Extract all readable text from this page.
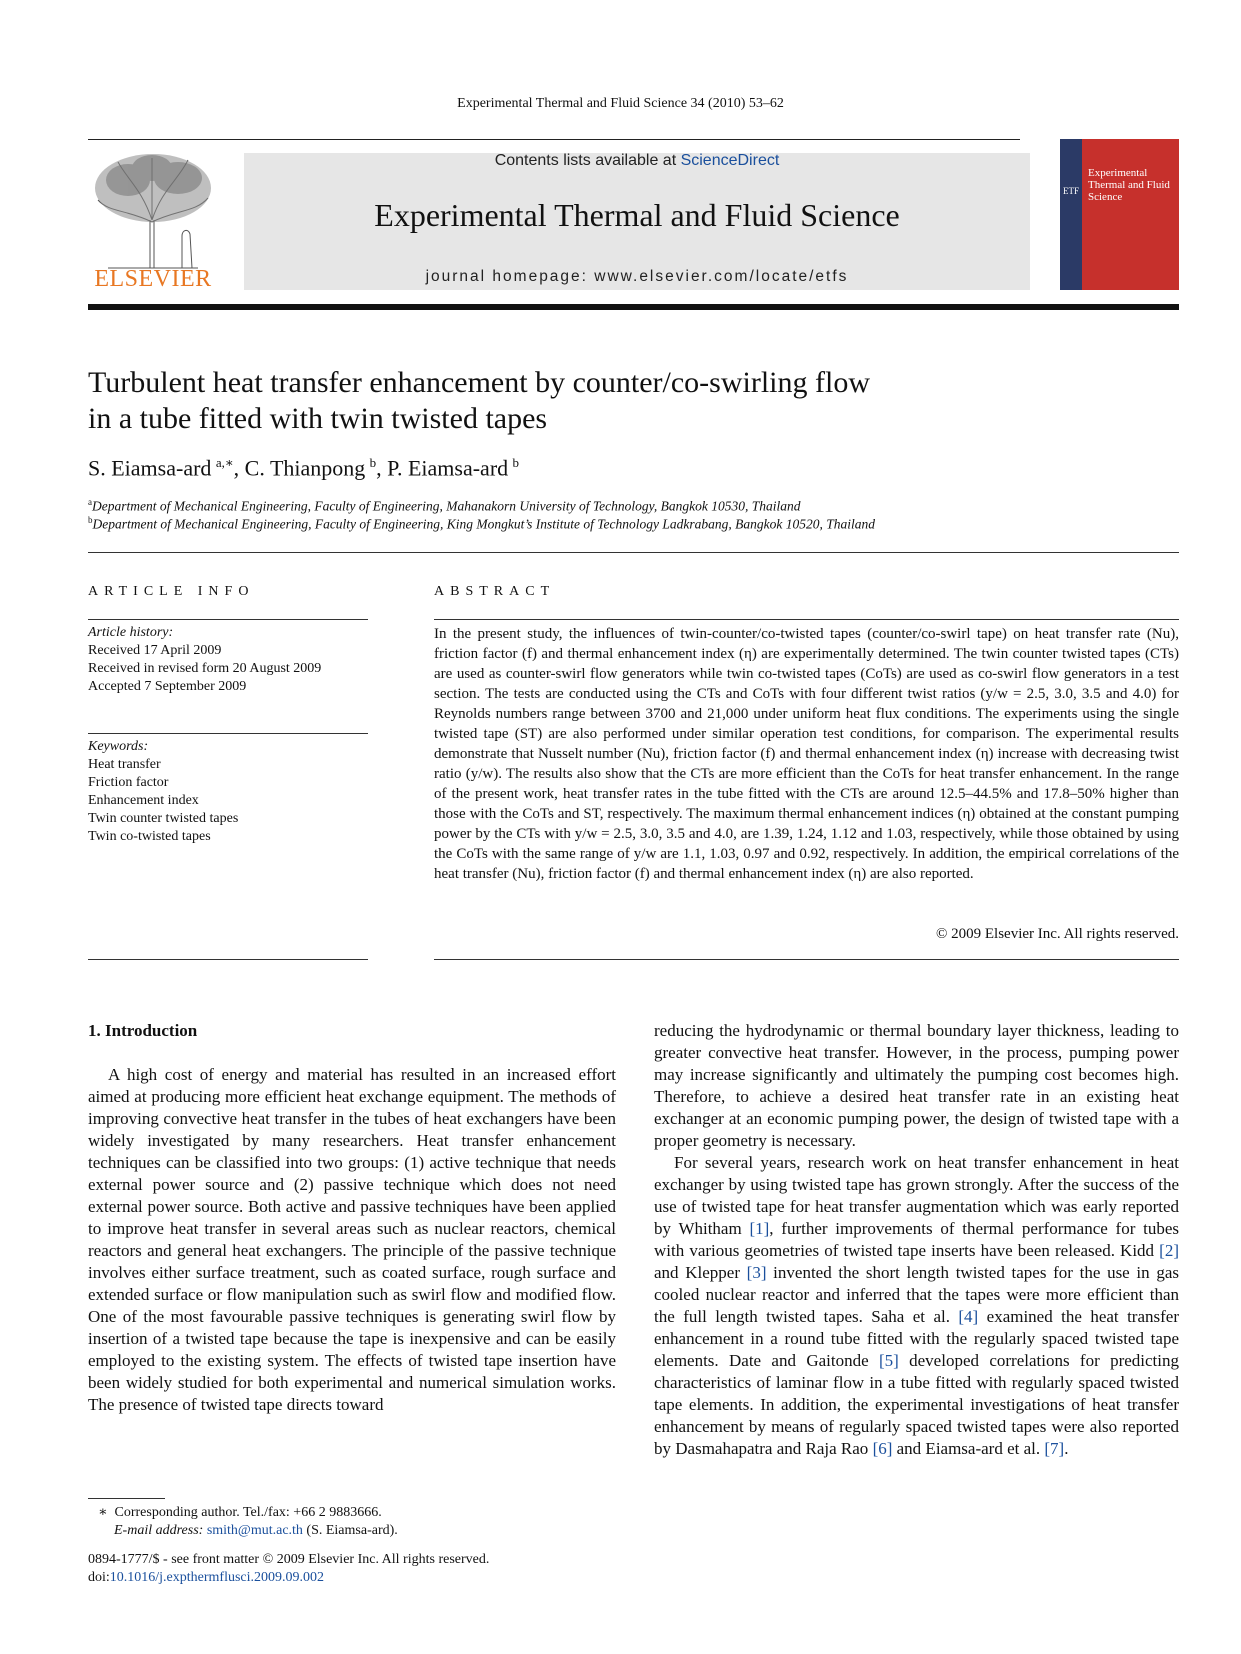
Experimental Thermal and Fluid Science 34 (2010) 53–62
ELSEVIER
Contents lists available at ScienceDirect
Experimental Thermal and Fluid Science
journal homepage: www.elsevier.com/locate/etfs
ETF
Experimental Thermal and Fluid Science
Turbulent heat transfer enhancement by counter/co-swirling flow
in a tube fitted with twin twisted tapes
S. Eiamsa-ard  $^{a,∗}$, C. Thianpong  $^b$, P. Eiamsa-ard  $^b$
$^a$Department of Mechanical Engineering, Faculty of Engineering, Mahanakorn University of Technology, Bangkok 10530, Thailand
$^b$Department of Mechanical Engineering, Faculty of Engineering, King Mongkut’s Institute of Technology Ladkrabang, Bangkok 10520, Thailand
ARTICLE INFO
Article history:
Received 17 April 2009
Received in revised form 20 August 2009
Accepted 7 September 2009
Keywords:
Heat transfer
Friction factor
Enhancement index
Twin counter twisted tapes
Twin co-twisted tapes
ABSTRACT
In the present study, the influences of twin-counter/co-twisted tapes (counter/co-swirl tape) on heat transfer rate (Nu), friction factor (f) and thermal enhancement index (η) are experimentally determined. The twin counter twisted tapes (CTs) are used as counter-swirl flow generators while twin co-twisted tapes (CoTs) are used as co-swirl flow generators in a test section. The tests are conducted using the CTs and CoTs with four different twist ratios (y/w = 2.5, 3.0, 3.5 and 4.0) for Reynolds numbers range between 3700 and 21,000 under uniform heat flux conditions. The experiments using the single twisted tape (ST) are also performed under similar operation test conditions, for comparison. The experimental results demonstrate that Nusselt number (Nu), friction factor (f) and thermal enhancement index (η) increase with decreasing twist ratio (y/w). The results also show that the CTs are more efficient than the CoTs for heat transfer enhancement. In the range of the present work, heat transfer rates in the tube fitted with the CTs are around 12.5–44.5% and 17.8–50% higher than those with the CoTs and ST, respectively. The maximum thermal enhancement indices (η) obtained at the constant pumping power by the CTs with y/w = 2.5, 3.0, 3.5 and 4.0, are 1.39, 1.24, 1.12 and 1.03, respectively, while those obtained by using the CoTs with the same range of y/w are 1.1, 1.03, 0.97 and 0.92, respectively. In addition, the empirical correlations of the heat transfer (Nu), friction factor (f) and thermal enhancement index (η) are also reported.
© 2009 Elsevier Inc. All rights reserved.
1. Introduction

A high cost of energy and material has resulted in an increased effort aimed at producing more efficient heat exchange equipment. The methods of improving convective heat transfer in the tubes of heat exchangers have been widely investigated by many researchers. Heat transfer enhancement techniques can be classified into two groups: (1) active technique that needs external power source and (2) passive technique which does not need external power source. Both active and passive techniques have been applied to improve heat transfer in several areas such as nuclear reactors, chemical reactors and general heat exchangers. The principle of the passive technique involves either surface treatment, such as coated surface, rough surface and extended surface or flow manipulation such as swirl flow and modified flow. One of the most favourable passive techniques is generating swirl flow by insertion of a twisted tape because the tape is inexpensive and can be easily employed to the existing system. The effects of twisted tape insertion have been widely studied for both experimental and numerical simulation works. The presence of twisted tape directs toward

reducing the hydrodynamic or thermal boundary layer thickness, leading to greater convective heat transfer. However, in the process, pumping power may increase significantly and ultimately the pumping cost becomes high. Therefore, to achieve a desired heat transfer rate in an existing heat exchanger at an economic pumping power, the design of twisted tape with a proper geometry is necessary.

For several years, research work on heat transfer enhancement in heat exchanger by using twisted tape has grown strongly. After the success of the use of twisted tape for heat transfer augmentation which was early reported by Whitham [1], further improvements of thermal performance for tubes with various geometries of twisted tape inserts have been released. Kidd [2] and Klepper [3] invented the short length twisted tapes for the use in gas cooled nuclear reactor and inferred that the tapes were more efficient than the full length twisted tapes. Saha et al. [4] examined the heat transfer enhancement in a round tube fitted with the regularly spaced twisted tape elements. Date and Gaitonde [5] developed correlations for predicting characteristics of laminar flow in a tube fitted with regularly spaced twisted tape elements. In addition, the experimental investigations of heat transfer enhancement by means of regularly spaced twisted tapes were also reported by Dasmahapatra and Raja Rao [6] and Eiamsa-ard et al. [7].

∗ Corresponding author. Tel./fax: +66 2 9883666.
E-mail address: smith@mut.ac.th (S. Eiamsa-ard).
0894-1777/$ - see front matter © 2009 Elsevier Inc. All rights reserved.
doi:10.1016/j.expthermflusci.2009.09.002
